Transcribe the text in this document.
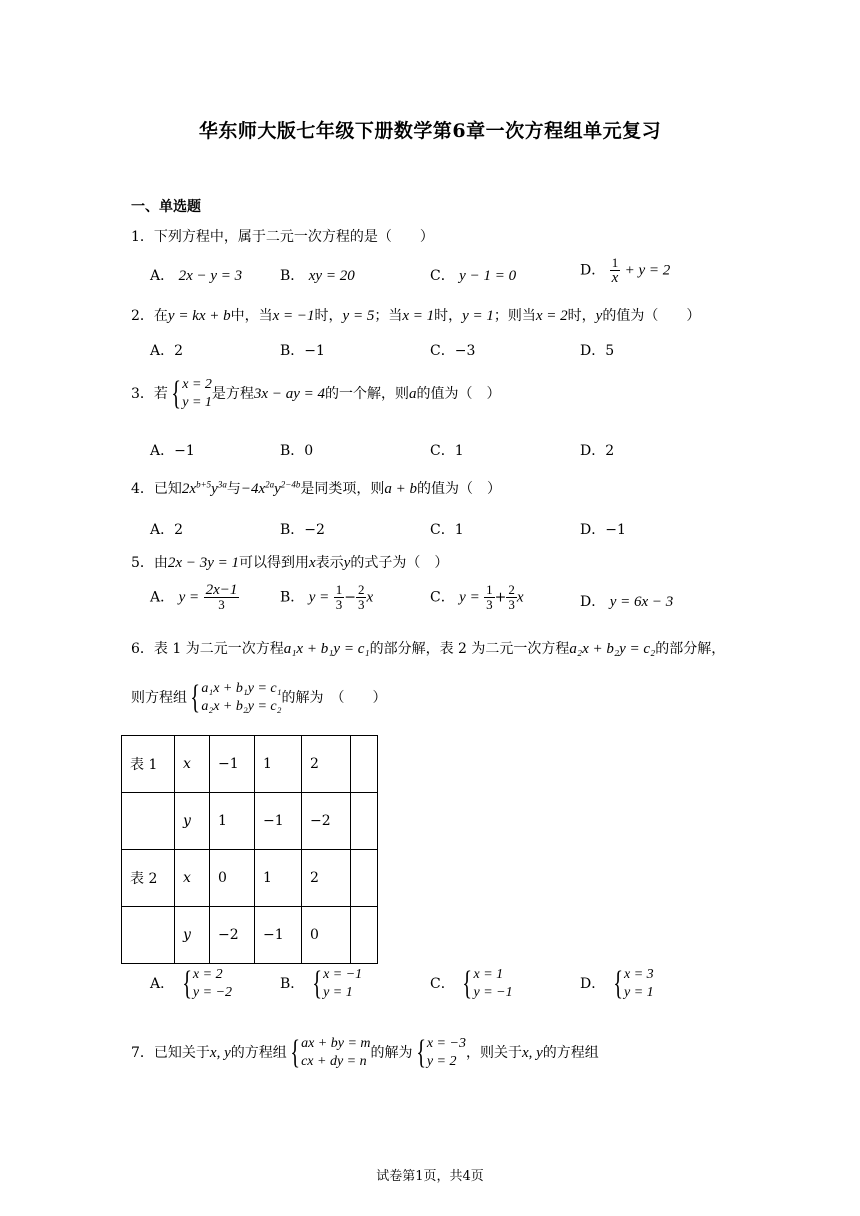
华东师大版七年级下册数学第6章一次方程组单元复习
一、单选题
1．下列方程中，属于二元一次方程的是（　　）
A． 2x − y = 3	B． xy = 20	C． y − 1 = 0	D． $\frac{1}{x} + y = 2$
2．在y = kx + b中，当x = −1时，y = 5；当x = 1时，y = 1；则当x = 2时，y的值为（　　）
A．2	B．−1	C．−3	D．5
3．若 { x = 2
y = 1
是方程3x − ay = 4的一个解，则a的值为（　）
A．−1	B．0	C．1	D．2
4．已知$2x^{b+5}y^{3a}$与$-4x^{2a}y^{2-4b}$是同类项，则a + b的值为（　）
A．2	B．−2	C．1	D．−1
5．由2x − 3y = 1可以得到用x表示y的式子为（　）
A． $y = \frac{2x-1}{3}$	B． $y = \frac{1}{3} - \frac{2}{3}$ x	C． $y = \frac{1}{3} + \frac{2}{3}$ x	D． y = 6x − 3
6．表 1 为二元一次方程a₁x + b₁y = c₁的部分解，表 2 为二元一次方程a₂x + b₂y = c₂的部分解，
则方程组 { a₁x + b₁y = c₁
a₂x + b₂y = c₂
的解为　（　　）
表 1	x	−1	1	2	
	y	1	−1	−2	
表 2	x	0	1	2	
	y	−2	−1	0	
A． { x = 2
y = −2
B． { x = −1
y = 1
C． { x = 1
y = −1
D． { x = 3
y = 1
7．已知关于x, y的方程组 { ax + by = m
cx + dy = n
的解为 { x = −3
y = 2
，则关于x, y的方程组
试卷第1页，共4页
